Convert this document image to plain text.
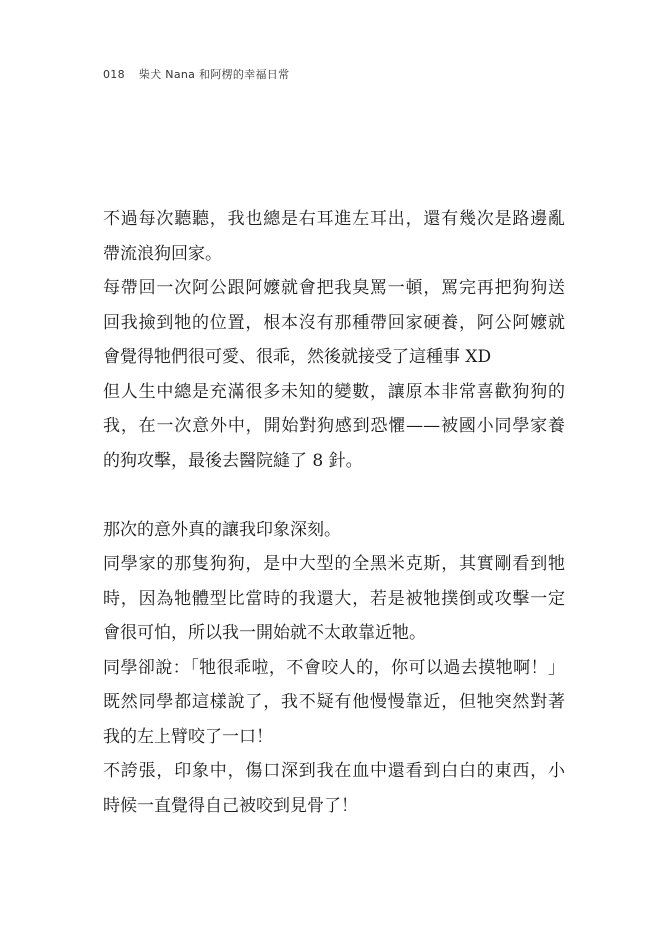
018 柴犬 Nana 和阿楞的幸福日常
不過每次聽聽，我也總是右耳進左耳出，還有幾次是路邊亂
帶流浪狗回家。
每帶回一次阿公跟阿嬤就會把我臭罵一頓，罵完再把狗狗送
回我撿到牠的位置，根本沒有那種帶回家硬養，阿公阿嬤就
會覺得牠們很可愛、很乖，然後就接受了這種事 XD
但人生中總是充滿很多未知的變數，讓原本非常喜歡狗狗的
我，在一次意外中，開始對狗感到恐懼——被國小同學家養
的狗攻擊，最後去醫院縫了 8 針。
那次的意外真的讓我印象深刻。
同學家的那隻狗狗，是中大型的全黑米克斯，其實剛看到牠
時，因為牠體型比當時的我還大，若是被牠撲倒或攻擊一定
會很可怕，所以我一開始就不太敢靠近牠。
同學卻說：「牠很乖啦，不會咬人的，你可以過去摸牠啊！」
既然同學都這樣說了，我不疑有他慢慢靠近，但牠突然對著
我的左上臂咬了一口！
不誇張，印象中，傷口深到我在血中還看到白白的東西，小
時候一直覺得自己被咬到見骨了！
